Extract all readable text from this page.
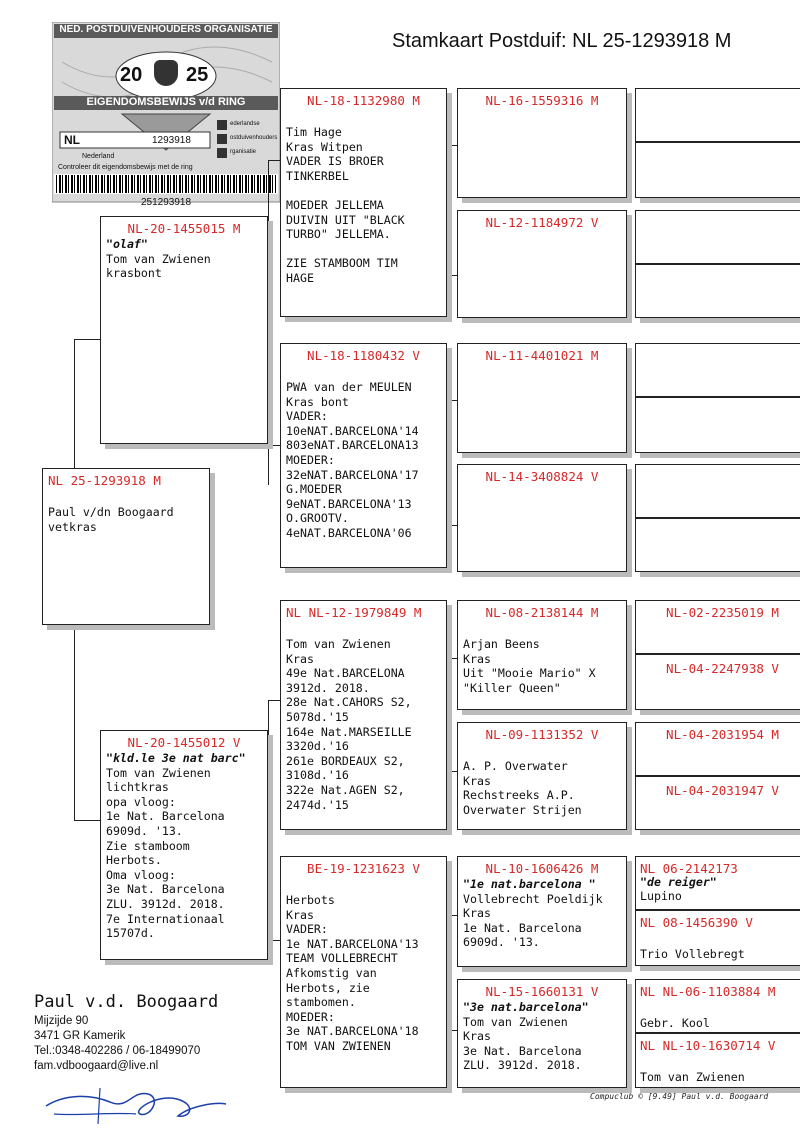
Stamkaart Postduif: NL 25-1293918 M
NED. POSTDUIVENHOUDERS ORGANISATIE
20 25
EIGENDOMSBEWIJS v/d RING
NL	1293918
Nederland
ederlandse
ostduivenhouders
rganisatie
Controleer dit eigendomsbewijs met de ring
251293918
NL 25-1293918 M
Paul v/dn Boogaard
vetkras
NL-20-1455015 M
"olaf"
Tom van Zwienen
krasbont
NL-20-1455012 V
"kld.le 3e nat barc"
Tom van Zwienen
lichtkras
opa vloog:
1e Nat. Barcelona
6909d. '13.
Zie stamboom
Herbots.
Oma vloog:
3e Nat. Barcelona
ZLU. 3912d. 2018.
7e Internationaal
15707d.
NL-18-1132980 M
Tim Hage
Kras Witpen
VADER IS BROER
TINKERBEL

MOEDER JELLEMA
DUIVIN UIT "BLACK
TURBO" JELLEMA.

ZIE STAMBOOM TIM
HAGE
NL-18-1180432 V
PWA van der MEULEN
Kras bont
VADER:
10eNAT.BARCELONA'14
803eNAT.BARCELONA13
MOEDER:
32eNAT.BARCELONA'17
G.MOEDER
9eNAT.BARCELONA'13
O.GROOTV.
4eNAT.BARCELONA'06
NL NL-12-1979849 M
Tom van Zwienen
Kras
49e Nat.BARCELONA
3912d. 2018.
28e Nat.CAHORS S2,
5078d.'15
164e Nat.MARSEILLE
3320d.'16
261e BORDEAUX S2,
3108d.'16
322e Nat.AGEN S2,
2474d.'15
BE-19-1231623 V
Herbots
Kras
VADER:
1e NAT.BARCELONA'13
TEAM VOLLEBRECHT
Afkomstig van
Herbots, zie
stambomen.
MOEDER:
3e NAT.BARCELONA'18
TOM VAN ZWIENEN
NL-16-1559316 M
NL-12-1184972 V
NL-11-4401021 M
NL-14-3408824 V
NL-08-2138144 M
Arjan Beens
Kras
Uit "Mooie Mario" X
"Killer Queen"
NL-09-1131352 V
A. P. Overwater
Kras
Rechstreeks A.P.
Overwater Strijen
NL-10-1606426 M
"1e nat.barcelona "
Vollebrecht Poeldijk
Kras
1e Nat. Barcelona
6909d. '13.
NL-15-1660131 V
"3e nat.barcelona"
Tom van Zwienen
Kras
3e Nat. Barcelona
ZLU. 3912d. 2018.
NL-02-2235019 M
NL-04-2247938 V
NL-04-2031954 M
NL-04-2031947 V
NL 06-2142173
"de reiger"
Lupino
NL 08-1456390 V
Trio Vollebregt
NL NL-06-1103884 M
Gebr. Kool
NL NL-10-1630714 V
Tom van Zwienen
Paul v.d. Boogaard
Mijzijde 90
3471 GR Kamerik
Tel.:0348-402286 / 06-18499070
fam.vdboogaard@live.nl
Compuclub © [9.49] Paul v.d. Boogaard
